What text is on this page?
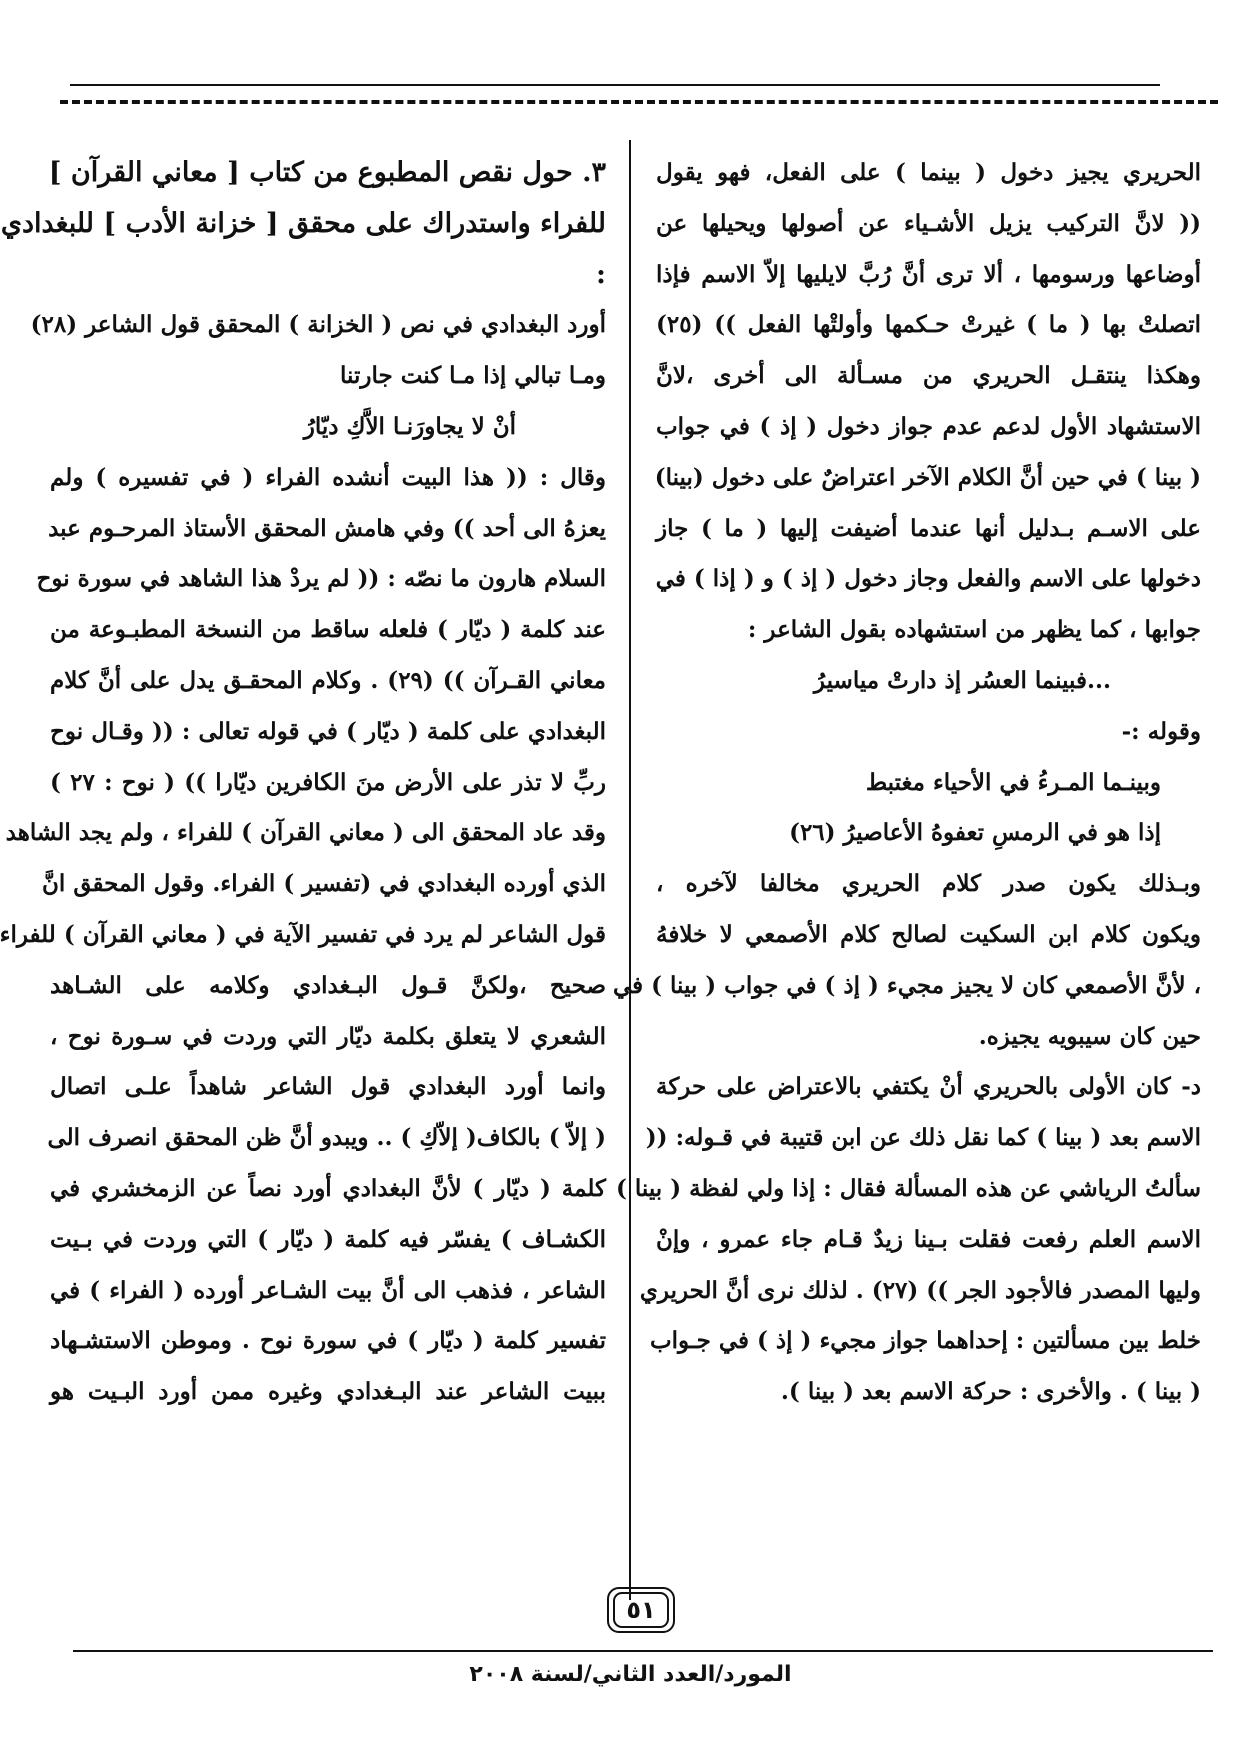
الحريري يجيز دخول ( بينما ) على الفعل، فهو يقول
(( لانَّ التركيب يزيل الأشـياء عن أصولها ويحيلها عن
أوضاعها ورسومها ، ألا ترى أنَّ رُبَّ لايليها إلاّ الاسم فإذا
اتصلتْ بها ( ما ) غيرتْ حـكمها وأولتْها الفعل )) (٢٥)
وهكذا ينتقـل الحريري من مسـألة الى أخرى ،لانَّ
الاستشهاد الأول لدعم عدم جواز دخول ( إذ ) في جواب
( بينا ) في حين أنَّ الكلام الآخر اعتراضٌ على دخول (بينا)
على الاسـم بـدليل أنها عندما أضيفت إليها ( ما ) جاز
دخولها على الاسم والفعل وجاز دخول ( إذ ) و ( إذا ) في
جوابها ، كما يظهر من استشهاده بقول الشاعر :
...فبينما العسُر إذ دارتْ مياسيرُ
وقوله :-
وبينـما المـرءُ في الأحياء مغتبط
إذا هو في الرمسِ تعفوهُ الأعاصيرُ (٢٦)
وبـذلك يكون صدر كلام الحريري مخالفا لآخره ،
ويكون كلام ابن السكيت لصالح كلام الأصمعي لا خلافهُ
، لأنَّ الأصمعي كان لا يجيز مجيء ( إذ ) في جواب ( بينا ) في
حين كان سيبويه يجيزه.
د- كان الأولى بالحريري أنْ يكتفي بالاعتراض على حركة
الاسم بعد ( بينا ) كما نقل ذلك عن ابن قتيبة في قـوله: ((
سألتُ الرياشي عن هذه المسألة فقال : إذا ولي لفظة ( بينا )
الاسم العلم رفعت فقلت بـينا زيدٌ قـام جاء عمرو ، وإنْ
وليها المصدر فالأجود الجر )) (٢٧) . لذلك نرى أنَّ الحريري
خلط بين مسألتين : إحداهما جواز مجيء ( إذ ) في جـواب
( بينا ) . والأخرى : حركة الاسم بعد ( بينا ).
٣. حول نقص المطبوع من كتاب [ معاني القرآن ]
للفراء واستدراك على محقق [ خزانة الأدب ] للبغدادي
:
أورد البغدادي في نص ( الخزانة ) المحقق قول الشاعر (٢٨)
ومـا تبالي إذا مـا كنت جارتنا
أنْ لا يجاورَنـا الاَّكِ ديّارُ
وقال : (( هذا البيت أنشده الفراء ( في تفسيره ) ولم
يعزهُ الى أحد )) وفي هامش المحقق الأستاذ المرحـوم عبد
السلام هارون ما نصّه : (( لم يردْ هذا الشاهد في سورة نوح
عند كلمة ( ديّار ) فلعله ساقط من النسخة المطبـوعة من
معاني القـرآن )) (٢٩) . وكلام المحقـق يدل على أنَّ كلام
البغدادي على كلمة ( ديّار ) في قوله تعالى : (( وقـال نوح
ربِّ لا تذر على الأرض منَ الكافرين ديّارا )) ( نوح : ٢٧ )
وقد عاد المحقق الى ( معاني القرآن ) للفراء ، ولم يجد الشاهد
الذي أورده البغدادي في (تفسير ) الفراء. وقول المحقق انَّ
قول الشاعر لم يرد في تفسير الآية في ( معاني القرآن ) للفراء
صحيح ،ولكنَّ قـول البـغدادي وكلامه على الشـاهد
الشعري لا يتعلق بكلمة ديّار التي وردت في سـورة نوح ،
وانما أورد البغدادي قول الشاعر شاهداً علـى اتصال
( إلاّ ) بالكاف( إلاّكِ ) .. ويبدو أنَّ ظن المحقق انصرف الى
كلمة ( ديّار ) لأنَّ البغدادي أورد نصاً عن الزمخشري في
الكشـاف ) يفسّر فيه كلمة ( ديّار ) التي وردت في بـيت
الشاعر ، فذهب الى أنَّ بيت الشـاعر أورده ( الفراء ) في
تفسير كلمة ( ديّار ) في سورة نوح . وموطن الاستشـهاد
ببيت الشاعر عند البـغدادي وغيره ممن أورد البـيت هو
٥١
المورد/العدد الثاني/لسنة ٢٠٠٨
